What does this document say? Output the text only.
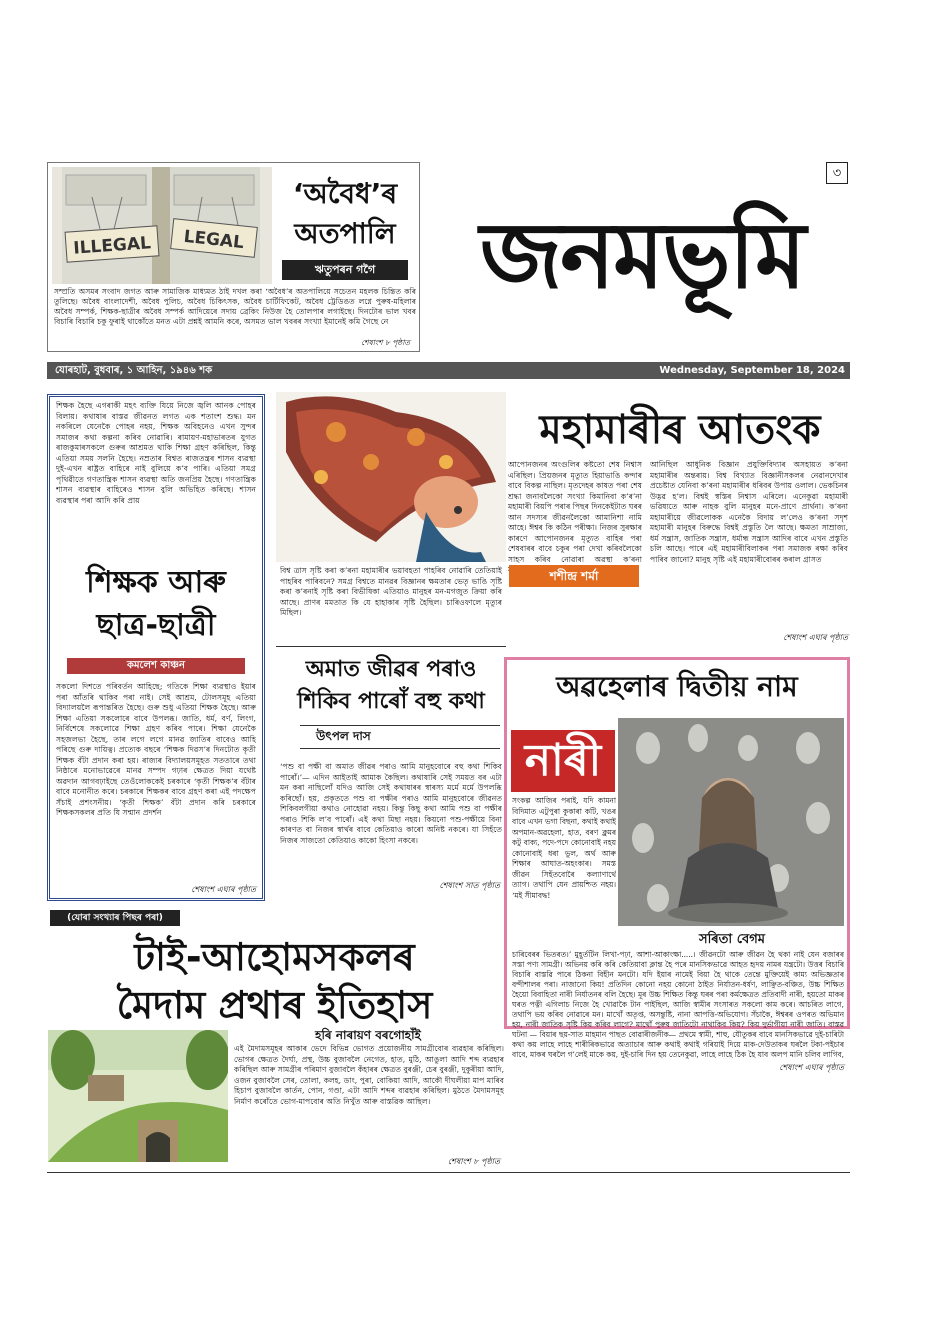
ILLEGAL LEGAL
‘অবৈধ’ৰ
অতপালি
ঋতুপৰন গগৈ
সম্প্ৰতি অসমৰ সংবাদ জগত আৰু সামাজিক মাধ্যমত ঠাই দখল কৰা ‘অবৈধ’ৰ অতপালিয়ে সচেতন মহলক চিন্তিত কৰি তুলিছে। অবৈধ বাংলাদেশী, অবৈধ পুলিচ, অবৈধ চিকিৎসক, অবৈধ চাৰ্টিফিকেট, অবৈধ ট্ৰেডিঙত লগ্নে পুৰুষ-মহিলাৰ অবৈধ সম্পৰ্ক, শিক্ষক-ছাত্ৰীৰ অবৈধ সম্পৰ্ক আদিয়েৰে সদায় ব্ৰেকিং নিউজ হৈ তোলপাৰ লগাইছে। দিনটোৰ ভাল খবৰ বিচাৰি বিচাৰি চকু ফুৰাই থাকোঁতে মনত এটা প্ৰশ্নই আমনি কৰে, অসমত ভাল খবৰৰ সংখ্যা ইমানেই কমি গৈছে নে
শেষাংশ ৮ পৃষ্ঠাত
৩
জনমভূমি
যোৰহাট, বুধবাৰ, ১ আহিন, ১৯৪৬ শক	Wednesday, September 18, 2024
শিক্ষক হৈছে এগৰাকী মহৎ ব্যক্তি যিয়ে নিজে জ্বলি আনক পোহৰ বিলায়। কথাষাৰ বাস্তৱ জীৱনত লগত এক শতাংশ শুদ্ধ। মন নকৰিলে যেনেকৈ পোহৰ নহয়, শিক্ষক অবিহনেও এখন সুন্দৰ সমাজৰ কথা কল্পনা কৰিব নোৱাৰি। ৰামায়ণ-মহাভাৰতৰ যুগত ৰাজকুমাৰসকলে গুৰুৰ আশ্ৰমত থাকি শিক্ষা গ্ৰহণ কৰিছিল, কিন্তু এতিয়া সময় সলনি হৈছে। নম্ৰতাৰ বিশ্বত ৰাজতন্ত্ৰৰ শাসন ব্যৱস্থা দুই-এখন ৰাষ্ট্ৰত বাহিৰে নাই বুলিয়ে ক’ব পাৰি। এতিয়া সমগ্ৰ পৃথিৱীতে গণতান্ত্ৰিক শাসন ব্যৱস্থা অতি জনপ্ৰিয় হৈছে। গণতান্ত্ৰিক শাসন ব্যৱস্থাৰ বাহিৰেও শাসন বুলি অভিহিত কৰিছে। শাসন ব্যৱস্থাৰ পৰা আদি কৰি প্ৰায়
শিক্ষক আৰু
ছাত্ৰ-ছাত্ৰী
কমলেশ কাঞ্চন
সকলো দিশতে পৰিবৰ্তন আহিছে; গতিকে শিক্ষা ব্যৱস্থাও ইয়াৰ পৰা আঁতৰি থাকিব পৰা নাই। সেই আশ্ৰম, টোলসমূহ এতিয়া বিদ্যালয়লৈ ৰূপান্তৰিত হৈছে। গুৰু শুধু এতিয়া শিক্ষক হৈছে। আৰু শিক্ষা এতিয়া সকলোৰে বাবে উপলব্ধ। জাতি, ধৰ্ম, বৰ্ণ, লিংগ, নিৰ্বিশেষে সকলোৱে শিক্ষা গ্ৰহণ কৰিব পাৰে। শিক্ষা যেনেকৈ সহজলভ্য হৈছে, তাৰ লগে লগে মানৱ জাতিৰ বাবেও আহি পৰিছে গুৰু দায়িত্ব। প্ৰত্যেক বছৰে ‘শিক্ষক দিৱস’ৰ দিনটোত কৃতী শিক্ষক বঁটা প্ৰদান কৰা হয়। ৰাজ্যৰ বিদ্যালয়সমূহত সততাৰে তথা নিষ্ঠাৰে মনোভাৱেৰে মানৱ সম্পদ গঢ়াৰ ক্ষেত্ৰত দিয়া যথেষ্ট অৱদান আগবঢ়াইছে তেওঁলোককেই চৰকাৰে ‘কৃতী শিক্ষক’ৰ বঁটাৰ বাবে মনোনীত কৰে। চৰকাৰে শিক্ষকৰ বাবে গ্ৰহণ কৰা এই পদক্ষেপ সঁচাই প্ৰশংসনীয়। ‘কৃতী শিক্ষক’ বঁটা প্ৰদান কৰি চৰকাৰে শিক্ষকসকলৰ প্ৰতি যি সন্মান প্ৰদৰ্শন
শেষাংশ এঘাৰ পৃষ্ঠাত
মহামাৰীৰ আতংক
আপোনজনৰ অংগুলিৰ কষ্টতো শেষ নিশ্বাস এৰিছিল। প্ৰিয়জনৰ মৃত্যুত হিয়াভাঙি কন্দাৰ বাবে বিকল্প নাছিল। মৃতদেহৰ কাষত পৰা শেষ শ্ৰদ্ধা জনাবলৈকো সংখ্যা কিমানিবা ক’ৰ’না মহামাৰী বিয়পি পৰাৰ পিছৰ দিনকেইটাত ঘৰৰ আন সদস্যৰ জীৱনলৈকো আমানিশা নামি আহে। ঈশ্বৰ কি কঠিন পৰীক্ষা। নিজৰ সুৰক্ষাৰ কাৰণে আপোনজনৰ মৃত্যুত বাহিৰ পৰা শেষবাৰৰ বাবে চকুৰ পৰা দেখা কৰিবলৈকো সাহস কৰিব নোৱাৰা অৱস্থা ক’ৰনা
আনিছিল আধুনিক বিজ্ঞান প্ৰযুক্তিবিদ্যাৰ অসহায়ত ক’ৰনা মহামাৰীৰ অন্তৰায়। বিশ্ব বিখ্যাত বিজ্ঞানীসকলৰ নেৱানদেখাৰ প্ৰচেষ্টাত যেনিবা ক’ৰনা মহামাৰীৰ ধৰিবৰ উপায় ওলাল। ভেকচিনৰ উদ্ভৱ হ’ল। বিশ্বই স্বস্তিৰ নিশ্বাস এৰিলে। এনেকুৱা মহামাৰী ভৱিষ্যতে আৰু নাহক বুলি মানুহৰ মনে-প্ৰাণে প্ৰাৰ্থনা। ক’ৰনা মহামাৰীয়ে জীৱলোকক এনেকৈ বিদায় ল’লেও ক’ৰনা সদৃশ মহামাৰী মানুহৰ বিৰুদ্ধে বিশ্বই প্ৰস্তুতি লৈ আছে। ক্ষমতা সাম্ৰাজ্য, ধৰ্ম সন্ত্ৰাস, জাতিক সন্ত্ৰাস, ধৰ্মান্ধ সন্ত্ৰাস আদিৰ বাবে এখন প্ৰস্তুতি চলি আছে। পাৰে এই মহামাৰীবিলাকৰ পৰা সমাজক ৰক্ষা কৰিব পাৰিব জানো? মানুহ সৃষ্টি এই মহামাৰীবোৰৰ কৰাল গ্ৰাসত
শেষাংশ এঘাৰ পৃষ্ঠাত
বিশ্ব ত্ৰাস সৃষ্টি কৰা ক’ৰনা মহামাৰীৰ ভয়াবহতা পাহৰিব নোৱাৰি তেতিয়াই পাহৰিব পাৰিবনে? সমগ্ৰ বিশ্বতে মানৱৰ বিজ্ঞানৰ ক্ষমতাৰ ভেতৃ ভাঙি সৃষ্টি কৰা ক’ৰনাই সৃষ্টি কৰা বিভীষিকা এতিয়াও মানুহৰ মন-মগজুত ক্ৰিয়া কৰি আছে। প্ৰাণৰ মমতাত কি যে হাহাকাৰ সৃষ্টি হৈছিল। চাৰিওফালে মৃত্যুৰ মিছিল।
শশীন্দ্ৰ শৰ্মা
অমাত জীৱৰ পৰাও
শিকিব পাৰোঁ বহু কথা
উৎপল দাস
‘পশু বা পক্ষী বা অমাত জীৱৰ পৰাও আমি মানুহবোৰে বহু কথা শিকিব পাৰোঁ।’— এদিন আইতাই আমাক কৈছিল। কথাষাৰি সেই সময়ত বৰ এটা মন কৰা নাছিলোঁ যদিও আজি সেই কথাষাৰৰ স্বাৰস্য মৰ্মে মৰ্মে উপলব্ধি কৰিছোঁ। হয়, প্ৰকৃততে পশু বা পক্ষীৰ পৰাও আমি মানুহবোৰে জীৱনত শিকিবলগীয়া কথাও নোহোৱা নহয়। কিন্তু কিছু কথা আমি পশু বা পক্ষীৰ পৰাও শিকি ল’ব পাৰোঁ। এই কথা মিছা নহয়। কিয়নো পশু-পক্ষীয়ে বিনা কাৰণত বা নিজৰ স্বাৰ্থৰ বাবে কেতিয়াও কাৰো অনিষ্ট নকৰে। যা সিহঁতে নিজৰ সাজতো কেতিয়াও কাকো হিংসা নকৰে।
শেষাংশ সাত পৃষ্ঠাত
অৱহেলাৰ দ্বিতীয় নাম
নাৰী
সংকল্প আজিৰ পৰাই, যদি কামনা বিদিমাত এটুপুৰা কুকাৰা কটি, খঙৰ বাবে এখন ভগা বিছনা, কথাই কথাই অপমান-অৱহেলা, হাত, বৰণ ক্লুমৰ কটু বাক্য, পদে-পদে কোনোবাই নহয় কোনোবাই ধৰা ভুল, অৰ্থ আৰু শিক্ষাৰ আঘাত-অহংকাৰ। সমস্ত জীৱন সিহঁতবোৰৈ কল্যাণাৰ্থে ত্যাগ। তথাপি যেন প্ৰায়শ্চিত নহয়। ‘মই সীমাবদ্ধ!
সৰিতা বেগম
চাৰিবেৰৰ ভিতৰত।’ মুহূৰ্তটিন লিখা-পঢ়া, আশা-আকাংক্ষা.....। জীৱনটো আৰু জীৱন হৈ থকা নাই যেন বজাৰৰ সস্তা পণ্য সামগ্ৰী। অভিনয় কৰি কৰি কেতিয়াবা ক্লান্ত হৈ পৰে মানসিকভাৱে আহত হৃদয় নামৰ যন্ত্ৰটো। উত্তৰ বিচাৰি বিচাৰি বাস্তৱি পাৰে ঠিকনা বিহীন মনটো। যদি ইয়াৰ নামেই বিয়া হৈ থাকে তেন্তে মুক্তিয়েই কাম্য অভিজ্ঞতাৰ বন্দীশালৰ পৰা। নাজানো কিয়! প্ৰতিদিন কোনো নহয় কোনো ঠাইত নিৰ্যাতন-ধৰ্ষণ, লাঞ্ছিত-বঞ্চিত, উচ্চ শিক্ষিত হৈয়ো বিবাহিতা নাৰী নিৰ্যাতনৰ বলি হৈছে। মূৰ উচ্চ শিক্ষিত কিন্তু ঘৰৰ পৰা কৰ্মক্ষেত্ৰত প্ৰতিবাদী নাৰী, হয়তো মাকৰ ঘৰত পত্নী এগিলাচ নিজে হৈ খোৱাকৈ টান পাইছিল, আজি স্বামীৰ সংসাৰত সকলো কাম কৰে। আচৰিত লাগে, তথাপি ভয় কৰিব নোৱাৰে মন। মাখোঁ অতৃপ্ত, অসন্তুষ্টি, নানা আপত্তি-অভিযোগ। সঁচাকৈ, ঈশ্বৰৰ ওপৰত অভিমান হয়, নাৰী জাতিক সৃষ্টি কিয় কৰিব লাগে? মাথোঁ পুৰুষ জাতিটো নাথাকিব কিয়? কিয় দুৰ্ভাগীয়া নাৰী জাতি। বাস্তৱ ঘটনা — বিয়াৰ ছয়-সাত মাহমান পাছত বোৱাৰীজনীক— প্ৰথমে স্বামী, শাহু, যৌতুকৰ বাবে মানসিকভাৱে দুই-চাৰিটা কথা কয় লাহে লাহে শাৰীৰিকভাৱে অত্যাচাৰ আৰু কথাই কথাই গৰিয়াই দিয়ে মাক-দেউতাকৰ ঘৰলৈ টকা-পইচাৰ বাবে, মাকৰ ঘৰলৈ গ’লেই মাকে কয়, দুই-চাৰি দিন হয় তেনেকুৱা, লাহে লাহে ঠিক হৈ যাব অলপ মানি চলিব লাগিব,
শেষাংশ এঘাৰ পৃষ্ঠাত
(যোৰা সংখ্যাৰ পিছৰ পৰা)
টাই-আহোমসকলৰ
মৈদাম প্ৰথাৰ ইতিহাস
হৰি নাৰায়ণ বৰগোহাঁই
এই মৈদামসমূহৰ আকাৰ ভেদে বিভিন্ন ভোগত প্ৰয়োজনীয় সামগ্ৰীবোৰ ব্যৱহাৰ কৰিছিল। ভোগৰ ক্ষেত্ৰত দৈৰ্ঘ্য, প্ৰস্থ, উচ্চ বুজাবলৈ নেগেত, হাত, মুঠি, আঙুলা আদি শব্দ ব্যৱহাৰ কৰিছিল আৰু সামগ্ৰীৰ পৰিমাণ বুজাবলৈ কঁহাৰৰ ক্ষেত্ৰত বুৰঞ্জী, চেৰ বুৰঞ্জী, দুকুৰীয়া আদি, ওজন বুজাবলৈ সেৰ, তোলা, কলহ, ডাং, পুৰা, বোকিয়া আদি, আকৌ দীঘলীয়া মাপ মাৰিব হিচাপ বুজাবলৈ কাৰ্তন, পোন, গণ্ডা, এটা আদি শব্দৰ ব্যৱহাৰ কৰিছিল। মুঠতে মৈদামসমূহ নিৰ্মাণ কৰোঁতে ভোগ-মাপবোৰ অতি নিখুঁত আৰু বাস্তৱিক আছিল।
শেষাংশ ৮ পৃষ্ঠাত
